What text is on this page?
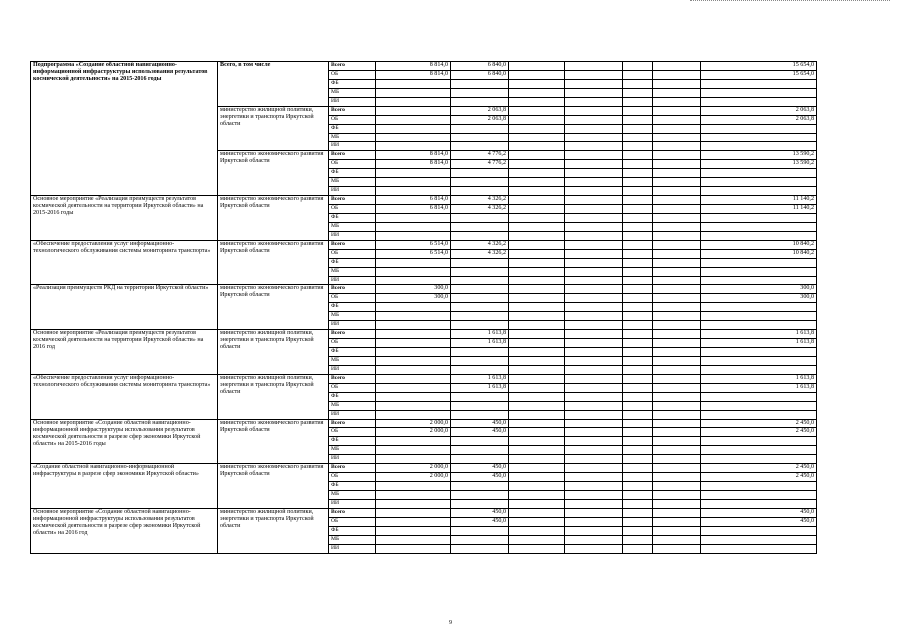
Подпрограмма «Создание областной навигационно-информационной инфраструктуры использования результатов космической деятельности» на 2015-2016 годы	Всего, в том числе	Всего	8 814,0	6 840,0					15 654,0
		ОБ	8 814,0	6 840,0					15 654,0
		ФБ							
		МБ							
		ИИ							
	министерство жилищной политики, энергетики и транспорта Иркутской области	Всего		2 063,8					2 063,8
		ОБ		2 063,8					2 063,8
		ФБ							
		МБ							
		ИИ							
	министерство экономического развития Иркутской области	Всего	8 814,0	4 776,2					13 590,2
		ОБ	8 814,0	4 776,2					13 590,2
		ФБ							
		МБ							
		ИИ							
Основное мероприятие «Реализация преимуществ результатов космической деятельности на территории Иркутской области» на 2015-2016 годы	министерство экономического развития Иркутской области	Всего	6 814,0	4 326,2					11 140,2
		ОБ	6 814,0	4 326,2					11 140,2
		ФБ							
		МБ							
		ИИ							
«Обеспечение предоставления услуг информационно-технологического обслуживания системы мониторинга транспорта»	министерство экономического развития Иркутской области	Всего	6 514,0	4 326,2					10 840,2
		ОБ	6 514,0	4 326,2					10 840,2
		ФБ							
		МБ							
		ИИ							
«Реализация преимуществ РКД на территории Иркутской области»	министерство экономического развития Иркутской области	Всего	300,0						300,0
		ОБ	300,0						300,0
		ФБ							
		МБ							
		ИИ							
Основное мероприятие «Реализация преимуществ результатов космической деятельности на территории Иркутской области» на 2016 год	министерство жилищной политики, энергетики и транспорта Иркутской области	Всего		1 613,8					1 613,8
		ОБ		1 613,8					1 613,8
		ФБ							
		МБ							
		ИИ							
«Обеспечение предоставления услуг информационно-технологического обслуживания системы мониторинга транспорта»	министерство жилищной политики, энергетики и транспорта Иркутской области	Всего		1 613,8					1 613,8
		ОБ		1 613,8					1 613,8
		ФБ							
		МБ							
		ИИ							
Основное мероприятие «Создание областной навигационно-информационной инфраструктуры использования результатов космической деятельности в разрезе сфер экономики Иркутской области» на 2015-2016 годы	министерство экономического развития Иркутской области	Всего	2 000,0	450,0					2 450,0
		ОБ	2 000,0	450,0					2 450,0
		ФБ							
		МБ							
		ИИ							
«Создание областной навигационно-информационной инфраструктуры в разрезе сфер экономики Иркутской области»	министерство экономического развития Иркутской области	Всего	2 000,0	450,0					2 450,0
		ОБ	2 000,0	450,0					2 450,0
		ФБ							
		МБ							
		ИИ							
Основное мероприятие «Создание областной навигационно-информационной инфраструктуры использования результатов космической деятельности в разрезе сфер экономики Иркутской области» на 2016 год	министерство жилищной политики, энергетики и транспорта Иркутской области	Всего		450,0					450,0
		ОБ		450,0					450,0
		ФБ							
		МБ							
		ИИ							
9
